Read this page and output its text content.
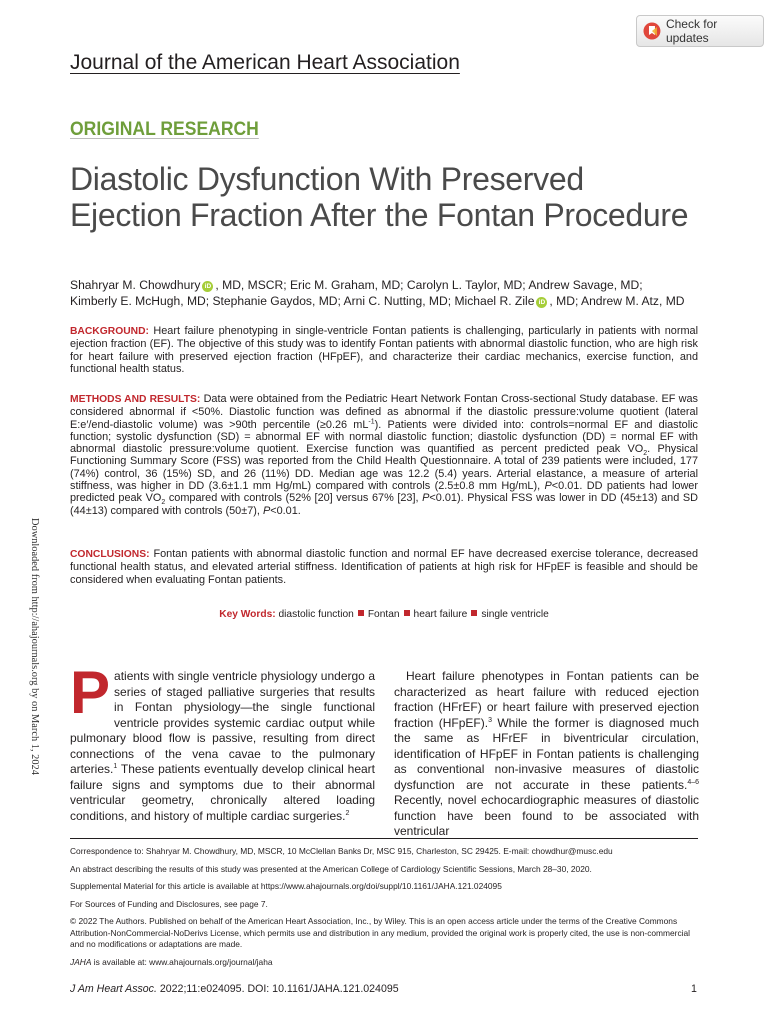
Check for updates
Journal of the American Heart Association
ORIGINAL RESEARCH
Diastolic Dysfunction With Preserved Ejection Fraction After the Fontan Procedure
Shahryar M. Chowdhury iD , MD, MSCR; Eric M. Graham, MD; Carolyn L. Taylor, MD; Andrew Savage, MD;
Kimberly E. McHugh, MD; Stephanie Gaydos, MD; Arni C. Nutting, MD; Michael R. Zile iD , MD; Andrew M. Atz, MD

BACKGROUND: Heart failure phenotyping in single-ventricle Fontan patients is challenging, particularly in patients with normal ejection fraction (EF). The objective of this study was to identify Fontan patients with abnormal diastolic function, who are high risk for heart failure with preserved ejection fraction (HFpEF), and characterize their cardiac mechanics, exercise function, and functional health status.

METHODS AND RESULTS: Data were obtained from the Pediatric Heart Network Fontan Cross-sectional Study database. EF was considered abnormal if <50%. Diastolic function was defined as abnormal if the diastolic pressure:volume quotient (lateral E:e′/end-diastolic volume) was >90th percentile (≥0.26 $mL^{-1}$). Patients were divided into: controls=normal EF and diastolic function; systolic dysfunction (SD) = abnormal EF with normal diastolic function; diastolic dysfunction (DD) = normal EF with abnormal diastolic pressure:volume quotient. Exercise function was quantified as percent predicted peak $VO_2$. Physical Functioning Summary Score (FSS) was reported from the Child Health Questionnaire. A total of 239 patients were included, 177 (74%) control, 36 (15%) SD, and 26 (11%) DD. Median age was 12.2 (5.4) years. Arterial elastance, a measure of arterial stiffness, was higher in DD (3.6±1.1 mm Hg/mL) compared with controls (2.5±0.8 mm Hg/mL), P<0.01. DD patients had lower predicted peak $VO_2$ compared with controls (52% [20] versus 67% [23], P<0.01). Physical FSS was lower in DD (45±13) and SD (44±13) compared with controls (50±7), P<0.01.

CONCLUSIONS: Fontan patients with abnormal diastolic function and normal EF have decreased exercise tolerance, decreased functional health status, and elevated arterial stiffness. Identification of patients at high risk for HFpEF is feasible and should be considered when evaluating Fontan patients.

Key Words: diastolic function Fontan heart failure single ventricle
Downloaded from http://ahajournals.org by on March 1, 2024 Patients with single ventricle physiology undergo a series of staged palliative surgeries that results in Fontan physiology—the single functional ventricle provides systemic cardiac output while pulmonary blood flow is passive, resulting from direct connections of the vena cavae to the pulmonary arteries.$^1$ These patients eventually develop clinical heart failure signs and symptoms due to their abnormal ventricular geometry, chronically altered loading conditions, and history of multiple cardiac surgeries.$^2$

Heart failure phenotypes in Fontan patients can be characterized as heart failure with reduced ejection fraction (HFrEF) or heart failure with preserved ejection fraction (HFpEF).$^3$ While the former is diagnosed much the same as HFrEF in biventricular circulation, identification of HFpEF in Fontan patients is challenging as conventional non-invasive measures of diastolic dysfunction are not accurate in these patients.$^{4-6}$ Recently, novel echocardiographic measures of diastolic function have been found to be associated with ventricular

Correspondence to: Shahryar M. Chowdhury, MD, MSCR, 10 McClellan Banks Dr, MSC 915, Charleston, SC 29425. E-mail: chowdhur@musc.edu
An abstract describing the results of this study was presented at the American College of Cardiology Scientific Sessions, March 28–30, 2020.
Supplemental Material for this article is available at https://www.ahajournals.org/doi/suppl/10.1161/JAHA.121.024095
For Sources of Funding and Disclosures, see page 7.
© 2022 The Authors. Published on behalf of the American Heart Association, Inc., by Wiley. This is an open access article under the terms of the Creative Commons Attribution-NonCommercial-NoDerivs License, which permits use and distribution in any medium, provided the original work is properly cited, the use is non-commercial and no modifications or adaptations are made.
JAHA is available at: www.ahajournals.org/journal/jaha
J Am Heart Assoc. 2022;11:e024095. DOI: 10.1161/JAHA.121.024095	1
